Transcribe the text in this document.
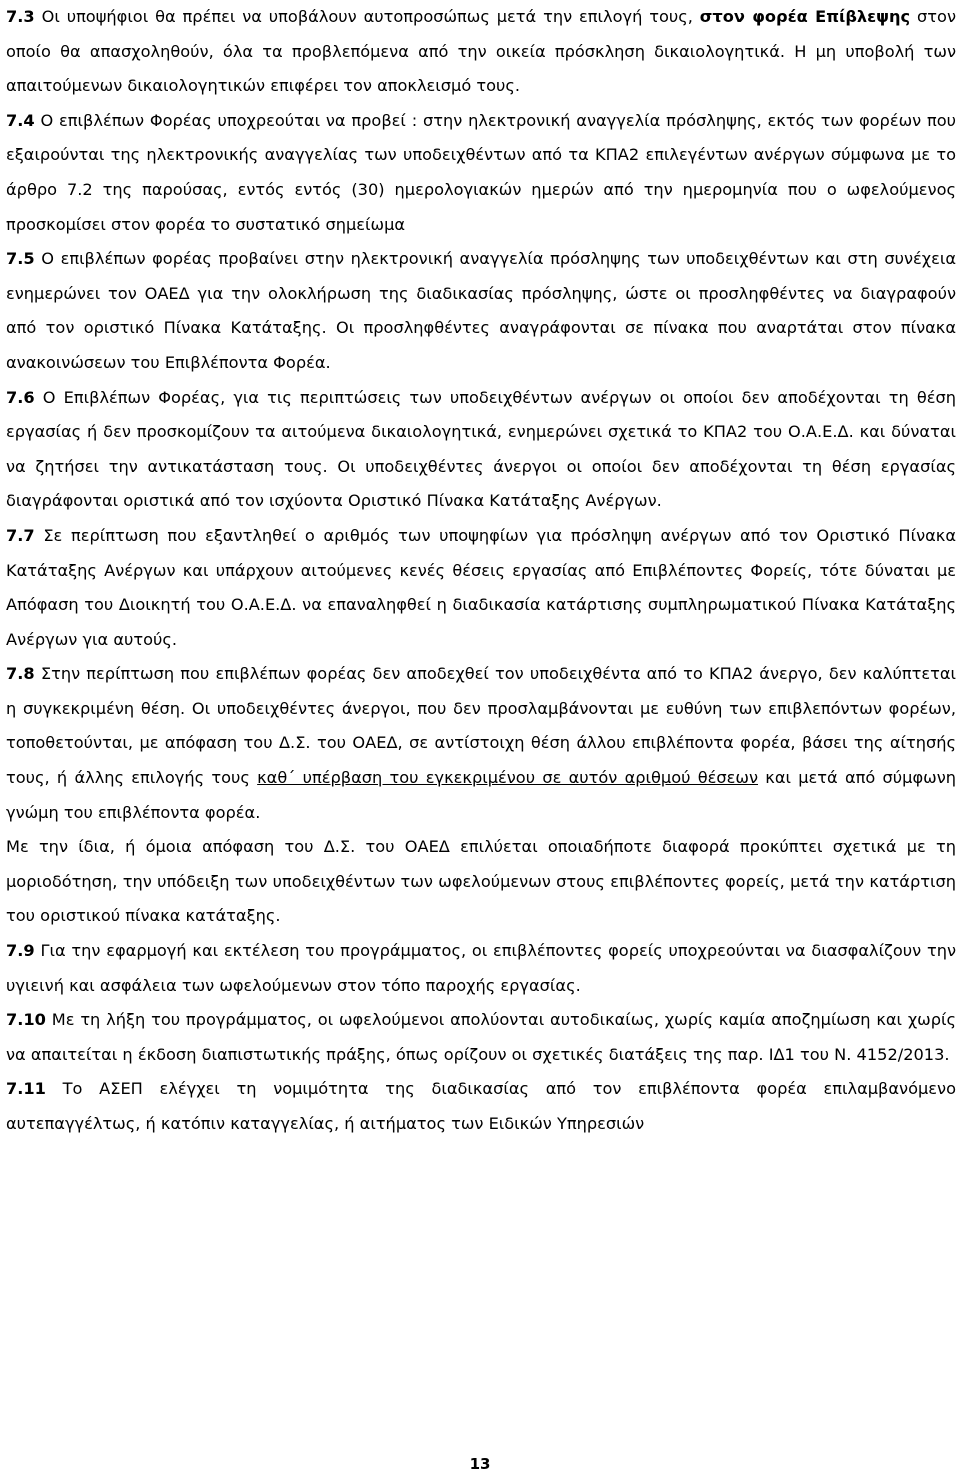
7.3 Οι υποψήφιοι θα πρέπει να υποβάλουν αυτοπροσώπως μετά την επιλογή τους, στον φορέα Επίβλεψης στον οποίο θα απασχοληθούν, όλα τα προβλεπόμενα από την οικεία πρόσκληση δικαιολογητικά. Η μη υποβολή των απαιτούμενων δικαιολογητικών επιφέρει τον αποκλεισμό τους.

7.4 Ο επιβλέπων Φορέας υποχρεούται να προβεί : στην ηλεκτρονική αναγγελία πρόσληψης, εκτός των φορέων που εξαιρούνται της ηλεκτρονικής αναγγελίας των υποδειχθέντων από τα ΚΠΑ2 επιλεγέντων ανέργων σύμφωνα με το άρθρο 7.2 της παρούσας, εντός εντός (30) ημερολογιακών ημερών από την ημερομηνία που ο ωφελούμενος προσκομίσει στον φορέα το συστατικό σημείωμα

7.5 Ο επιβλέπων φορέας προβαίνει στην ηλεκτρονική αναγγελία πρόσληψης των υποδειχθέντων και στη συνέχεια ενημερώνει τον ΟΑΕΔ για την ολοκλήρωση της διαδικασίας πρόσληψης, ώστε οι προσληφθέντες να διαγραφούν από τον οριστικό Πίνακα Κατάταξης. Οι προσληφθέντες αναγράφονται σε πίνακα που αναρτάται στον πίνακα ανακοινώσεων του Επιβλέποντα Φορέα.

7.6 Ο Επιβλέπων Φορέας, για τις περιπτώσεις των υποδειχθέντων ανέργων οι οποίοι δεν αποδέχονται τη θέση εργασίας ή δεν προσκομίζουν τα αιτούμενα δικαιολογητικά, ενημερώνει σχετικά το ΚΠΑ2 του Ο.Α.Ε.Δ. και δύναται να ζητήσει την αντικατάσταση τους. Οι υποδειχθέντες άνεργοι οι οποίοι δεν αποδέχονται τη θέση εργασίας διαγράφονται οριστικά από τον ισχύοντα Οριστικό Πίνακα Κατάταξης Ανέργων.

7.7 Σε περίπτωση που εξαντληθεί ο αριθμός των υποψηφίων για πρόσληψη ανέργων από τον Οριστικό Πίνακα Κατάταξης Ανέργων και υπάρχουν αιτούμενες κενές θέσεις εργασίας από Επιβλέποντες Φορείς, τότε δύναται με Απόφαση του Διοικητή του Ο.Α.Ε.Δ. να επαναληφθεί η διαδικασία κατάρτισης συμπληρωματικού Πίνακα Κατάταξης Ανέργων για αυτούς.

7.8 Στην περίπτωση που επιβλέπων φορέας δεν αποδεχθεί τον υποδειχθέντα από το ΚΠΑ2 άνεργο, δεν καλύπτεται η συγκεκριμένη θέση. Οι υποδειχθέντες άνεργοι, που δεν προσλαμβάνονται με ευθύνη των επιβλεπόντων φορέων, τοποθετούνται, με απόφαση του Δ.Σ. του ΟΑΕΔ, σε αντίστοιχη θέση άλλου επιβλέποντα φορέα, βάσει της αίτησής τους, ή άλλης επιλογής τους καθ΄ υπέρβαση του εγκεκριμένου σε αυτόν αριθμού θέσεων και μετά από σύμφωνη γνώμη του επιβλέποντα φορέα.

Με την ίδια, ή όμοια απόφαση του Δ.Σ. του ΟΑΕΔ επιλύεται οποιαδήποτε διαφορά προκύπτει σχετικά με τη μοριοδότηση, την υπόδειξη των υποδειχθέντων των ωφελούμενων στους επιβλέποντες φορείς, μετά την κατάρτιση του οριστικού πίνακα κατάταξης.

7.9 Για την εφαρμογή και εκτέλεση του προγράμματος, οι επιβλέποντες φορείς υποχρεούνται να διασφαλίζουν την υγιεινή και ασφάλεια των ωφελούμενων στον τόπο παροχής εργασίας.

7.10 Με τη λήξη του προγράμματος, οι ωφελούμενοι απολύονται αυτοδικαίως, χωρίς καμία αποζημίωση και χωρίς να απαιτείται η έκδοση διαπιστωτικής πράξης, όπως ορίζουν οι σχετικές διατάξεις της παρ. ΙΔ1 του Ν. 4152/2013.

7.11 Το ΑΣΕΠ ελέγχει τη νομιμότητα της διαδικασίας από τον επιβλέποντα φορέα επιλαμβανόμενο αυτεπαγγέλτως, ή κατόπιν καταγγελίας, ή αιτήματος των Ειδικών Υπηρεσιών

13
